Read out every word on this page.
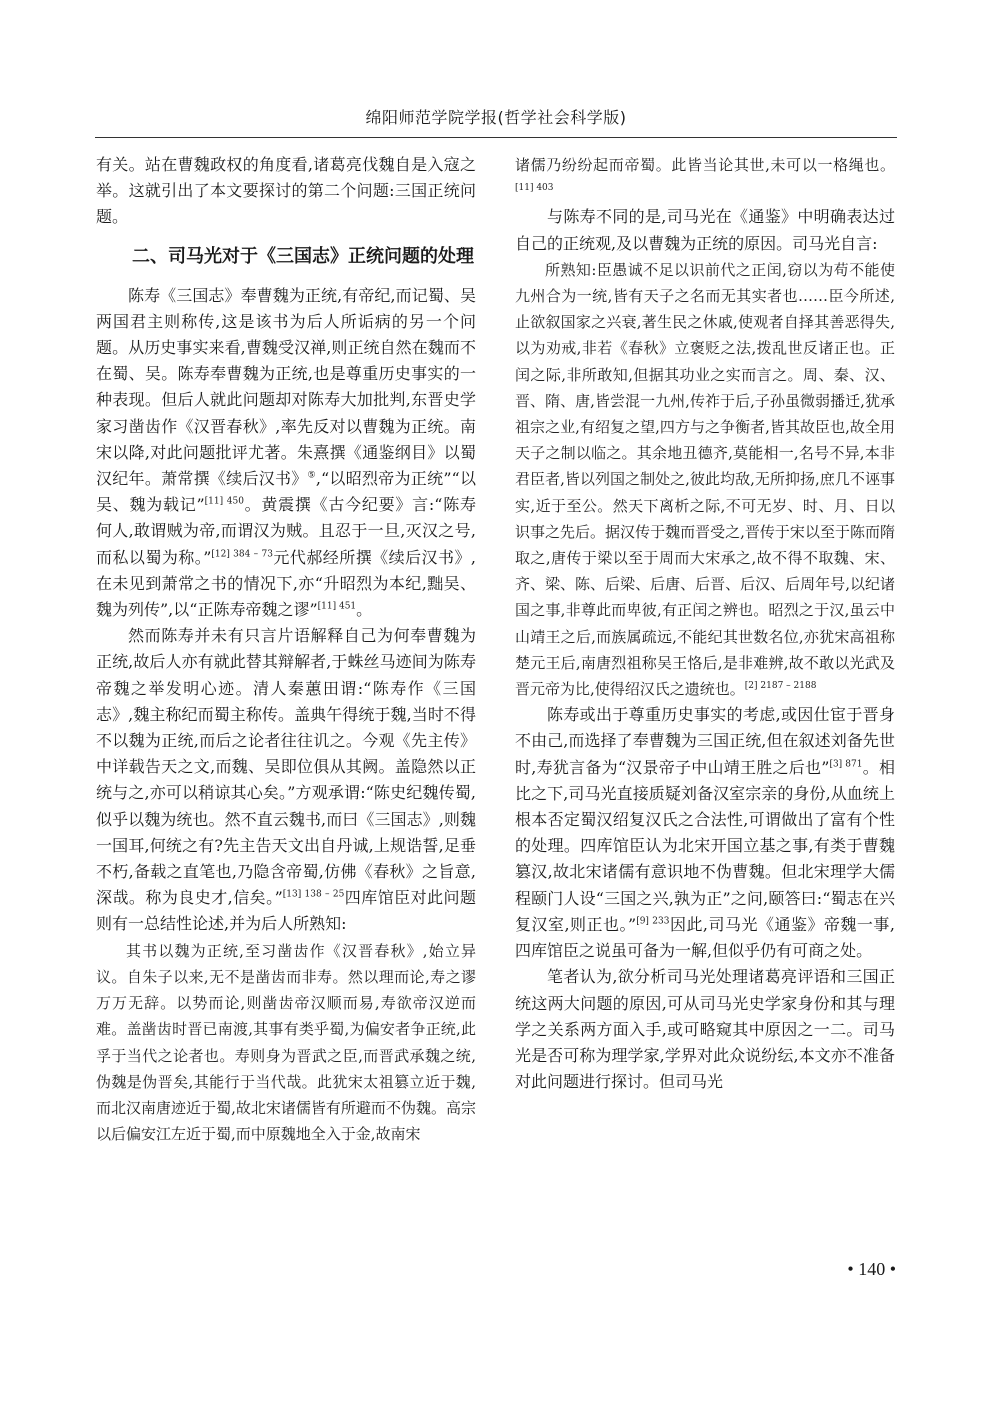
绵阳师范学院学报(哲学社会科学版)

有关。站在曹魏政权的角度看,诸葛亮伐魏自是入寇之举。这就引出了本文要探讨的第二个问题:三国正统问题。

二、司马光对于《三国志》正统问题的处理

陈寿《三国志》奉曹魏为正统,有帝纪,而记蜀、吴两国君主则称传,这是该书为后人所诟病的另一个问题。从历史事实来看,曹魏受汉禅,则正统自然在魏而不在蜀、吴。陈寿奉曹魏为正统,也是尊重历史事实的一种表现。但后人就此问题却对陈寿大加批判,东晋史学家习凿齿作《汉晋春秋》,率先反对以曹魏为正统。南宋以降,对此问题批评尤著。朱熹撰《通鉴纲目》以蜀汉纪年。萧常撰《续后汉书》⑤,“以昭烈帝为正统”“以吴、魏为载记”$^{[11] 450}$。黄震撰《古今纪要》言:“陈寿何人,敢谓贼为帝,而谓汉为贼。且忍于一旦,灭汉之号,而私以蜀为称。”$^{[12] 384 - 73}$元代郝经所撰《续后汉书》,在未见到萧常之书的情况下,亦“升昭烈为本纪,黜吴、魏为列传”,以“正陈寿帝魏之谬”$^{[11] 451}$。

然而陈寿并未有只言片语解释自己为何奉曹魏为正统,故后人亦有就此替其辩解者,于蛛丝马迹间为陈寿帝魏之举发明心迹。清人秦蕙田谓:“陈寿作《三国志》,魏主称纪而蜀主称传。盖典午得统于魏,当时不得不以魏为正统,而后之论者往往讥之。今观《先主传》中详载告天之文,而魏、吴即位俱从其阙。盖隐然以正统与之,亦可以稍谅其心矣。”方观承谓:“陈史纪魏传蜀,似乎以魏为统也。然不直云魏书,而曰《三国志》,则魏一国耳,何统之有?先主告天文出自丹诚,上规诰誓,足垂不朽,备载之直笔也,乃隐含帝蜀,仿佛《春秋》之旨意,深哉。称为良史才,信矣。”$^{[13] 138 - 25}$四库馆臣对此问题则有一总结性论述,并为后人所熟知:

其书以魏为正统,至习凿齿作《汉晋春秋》,始立异议。自朱子以来,无不是凿齿而非寿。然以理而论,寿之谬万万无辞。以势而论,则凿齿帝汉顺而易,寿欲帝汉逆而难。盖凿齿时晋已南渡,其事有类乎蜀,为偏安者争正统,此孚于当代之论者也。寿则身为晋武之臣,而晋武承魏之统,伪魏是伪晋矣,其能行于当代哉。此犹宋太祖篡立近于魏,而北汉南唐迹近于蜀,故北宋诸儒皆有所避而不伪魏。高宗以后偏安江左近于蜀,而中原魏地全入于金,故南宋

诸儒乃纷纷起而帝蜀。此皆当论其世,未可以一格绳也。$^{[11] 403}$

与陈寿不同的是,司马光在《通鉴》中明确表达过自己的正统观,及以曹魏为正统的原因。司马光自言:

所熟知:臣愚诚不足以识前代之正闰,窃以为苟不能使九州合为一统,皆有天子之名而无其实者也……臣今所述,止欲叙国家之兴衰,著生民之休戚,使观者自择其善恶得失,以为劝戒,非若《春秋》立褒贬之法,拨乱世反诸正也。正闰之际,非所敢知,但据其功业之实而言之。周、秦、汉、晋、隋、唐,皆尝混一九州,传祚于后,子孙虽微弱播迁,犹承祖宗之业,有绍复之望,四方与之争衡者,皆其故臣也,故全用天子之制以临之。其余地丑德齐,莫能相一,名号不异,本非君臣者,皆以列国之制处之,彼此均敌,无所抑扬,庶几不诬事实,近于至公。然天下离析之际,不可无岁、时、月、日以识事之先后。据汉传于魏而晋受之,晋传于宋以至于陈而隋取之,唐传于梁以至于周而大宋承之,故不得不取魏、宋、齐、梁、陈、后梁、后唐、后晋、后汉、后周年号,以纪诸国之事,非尊此而卑彼,有正闰之辨也。昭烈之于汉,虽云中山靖王之后,而族属疏远,不能纪其世数名位,亦犹宋高祖称楚元王后,南唐烈祖称吴王恪后,是非难辨,故不敢以光武及晋元帝为比,使得绍汉氏之遗统也。$^{[2] 2187 - 2188}$

陈寿或出于尊重历史事实的考虑,或因仕宦于晋身不由己,而选择了奉曹魏为三国正统,但在叙述刘备先世时,寿犹言备为“汉景帝子中山靖王胜之后也”$^{[3] 871}$。相比之下,司马光直接质疑刘备汉室宗亲的身份,从血统上根本否定蜀汉绍复汉氏之合法性,可谓做出了富有个性的处理。四库馆臣认为北宋开国立基之事,有类于曹魏篡汉,故北宋诸儒有意识地不伪曹魏。但北宋理学大儒程颐门人设“三国之兴,孰为正”之问,颐答曰:“蜀志在兴复汉室,则正也。”$^{[9] 233}$因此,司马光《通鉴》帝魏一事,四库馆臣之说虽可备为一解,但似乎仍有可商之处。

笔者认为,欲分析司马光处理诸葛亮评语和三国正统这两大问题的原因,可从司马光史学家身份和其与理学之关系两方面入手,或可略窥其中原因之一二。司马光是否可称为理学家,学界对此众说纷纭,本文亦不准备对此问题进行探讨。但司马光

• 140 •
